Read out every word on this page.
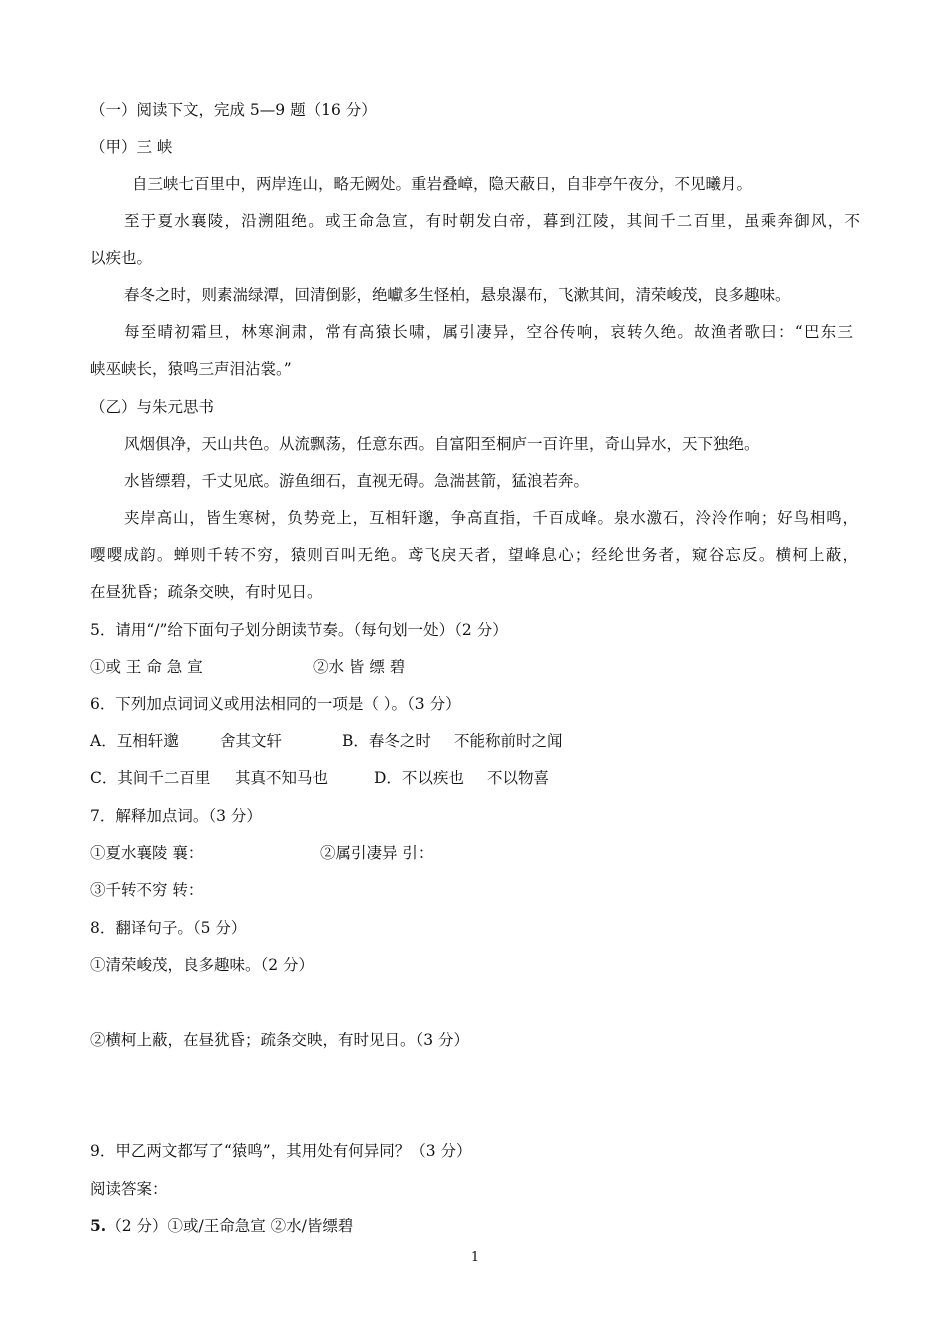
（一）阅读下文，完成 5—9 题（16 分）
（甲）三 峡
自三峡七百里中，两岸连山，略无阙处。重岩叠嶂，隐天蔽日，自非亭午夜分，不见曦月。
至于夏水襄陵，沿溯阻绝。或王命急宣，有时朝发白帝，暮到江陵，其间千二百里，虽乘奔御风，不
以疾也。
春冬之时，则素湍绿潭，回清倒影，绝巘多生怪柏，悬泉瀑布，飞漱其间，清荣峻茂，良多趣味。
每至晴初霜旦，林寒涧肃，常有高猿长啸，属引凄异，空谷传响，哀转久绝。故渔者歌曰：“巴东三
峡巫峡长，猿鸣三声泪沾裳。”
（乙）与朱元思书
风烟俱净，天山共色。从流飘荡，任意东西。自富阳至桐庐一百许里，奇山异水，天下独绝。
水皆缥碧，千丈见底。游鱼细石，直视无碍。急湍甚箭，猛浪若奔。
夹岸高山，皆生寒树，负势竞上，互相轩邈，争高直指，千百成峰。泉水激石，泠泠作响；好鸟相鸣，
嘤嘤成韵。蝉则千转不穷，猿则百叫无绝。鸢飞戾天者，望峰息心；经纶世务者，窥谷忘反。横柯上蔽，
在昼犹昏；疏条交映，有时见日。
5．请用“/”给下面句子划分朗读节奏。（每句划一处）（2 分）
①或 王 命 急 宣	②水 皆 缥 碧
6．下列加点词词义或用法相同的一项是（ ）。（3 分）
A．互相轩邈	舍其文轩	B．春冬之时 不能称前时之闻
C．其间千二百里 其真不知马也	D．不以疾也 不以物喜
7．解释加点词。（3 分）
①夏水襄陵 襄：	②属引凄异 引：
③千转不穷 转：
8．翻译句子。（5 分）
①清荣峻茂，良多趣味。（2 分）
②横柯上蔽，在昼犹昏；疏条交映，有时见日。（3 分）
9．甲乙两文都写了“猿鸣”，其用处有何异同？（3 分）
阅读答案：
5.（2 分）①或/王命急宣 ②水/皆缥碧
1
